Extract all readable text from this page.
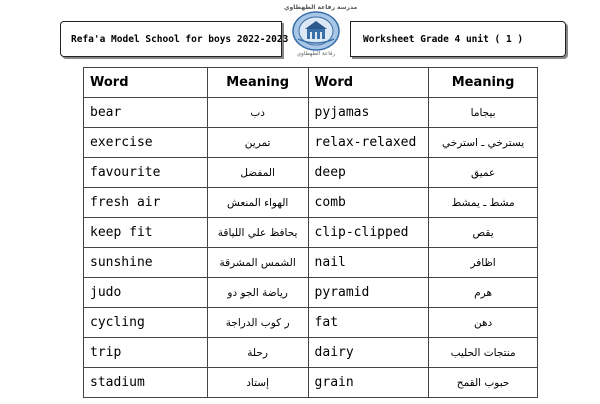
Refa'a Model School for boys 2022-2023
مدرسة رفاعة الطهطاوي
رفاعة الطهطاوي
Worksheet Grade 4 unit ( 1 )
Word	Meaning	Word	Meaning
bear	دب	pyjamas	بيجاما
exercise	تمرين	relax-relaxed	يسترخي ـ استرخي
favourite	المفضل	deep	عميق
fresh air	الهواء المنعش	comb	مشط ـ يمشط
keep fit	يحافظ علي اللياقة	clip-clipped	يقص
sunshine	الشمس المشرقة	nail	اظافر
judo	رياضة الجو دو	pyramid	هرم
cycling	ر كوب الدراجة	fat	دهن
trip	رحلة	dairy	منتجات الحليب
stadium	إستاد	grain	حبوب القمح
